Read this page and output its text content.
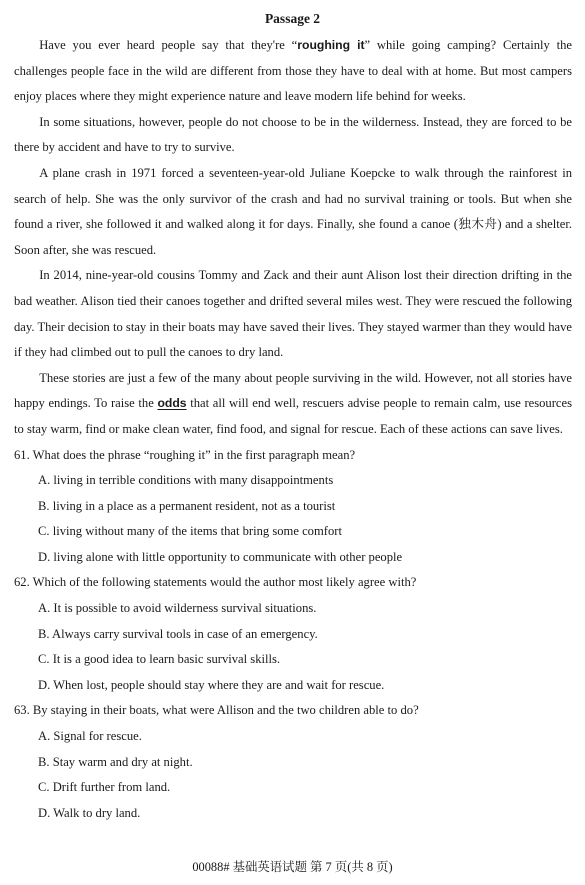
Passage 2

Have you ever heard people say that they're “roughing it” while going camping? Certainly the challenges people face in the wild are different from those they have to deal with at home. But most campers enjoy places where they might experience nature and leave modern life behind for weeks.

In some situations, however, people do not choose to be in the wilderness. Instead, they are forced to be there by accident and have to try to survive.

A plane crash in 1971 forced a seventeen-year-old Juliane Koepcke to walk through the rainforest in search of help. She was the only survivor of the crash and had no survival training or tools. But when she found a river, she followed it and walked along it for days. Finally, she found a canoe (独木舟) and a shelter. Soon after, she was rescued.

In 2014, nine-year-old cousins Tommy and Zack and their aunt Alison lost their direction drifting in the bad weather. Alison tied their canoes together and drifted several miles west. They were rescued the following day. Their decision to stay in their boats may have saved their lives. They stayed warmer than they would have if they had climbed out to pull the canoes to dry land.

These stories are just a few of the many about people surviving in the wild. However, not all stories have happy endings. To raise the odds that all will end well, rescuers advise people to remain calm, use resources to stay warm, find or make clean water, find food, and signal for rescue. Each of these actions can save lives.

61. What does the phrase “roughing it” in the first paragraph mean?

A. living in terrible conditions with many disappointments

B. living in a place as a permanent resident, not as a tourist

C. living without many of the items that bring some comfort

D. living alone with little opportunity to communicate with other people

62. Which of the following statements would the author most likely agree with?

A. It is possible to avoid wilderness survival situations.

B. Always carry survival tools in case of an emergency.

C. It is a good idea to learn basic survival skills.

D. When lost, people should stay where they are and wait for rescue.

63. By staying in their boats, what were Allison and the two children able to do?

A. Signal for rescue.

B. Stay warm and dry at night.

C. Drift further from land.

D. Walk to dry land.

00088# 基础英语试题 第 7 页(共 8 页)
